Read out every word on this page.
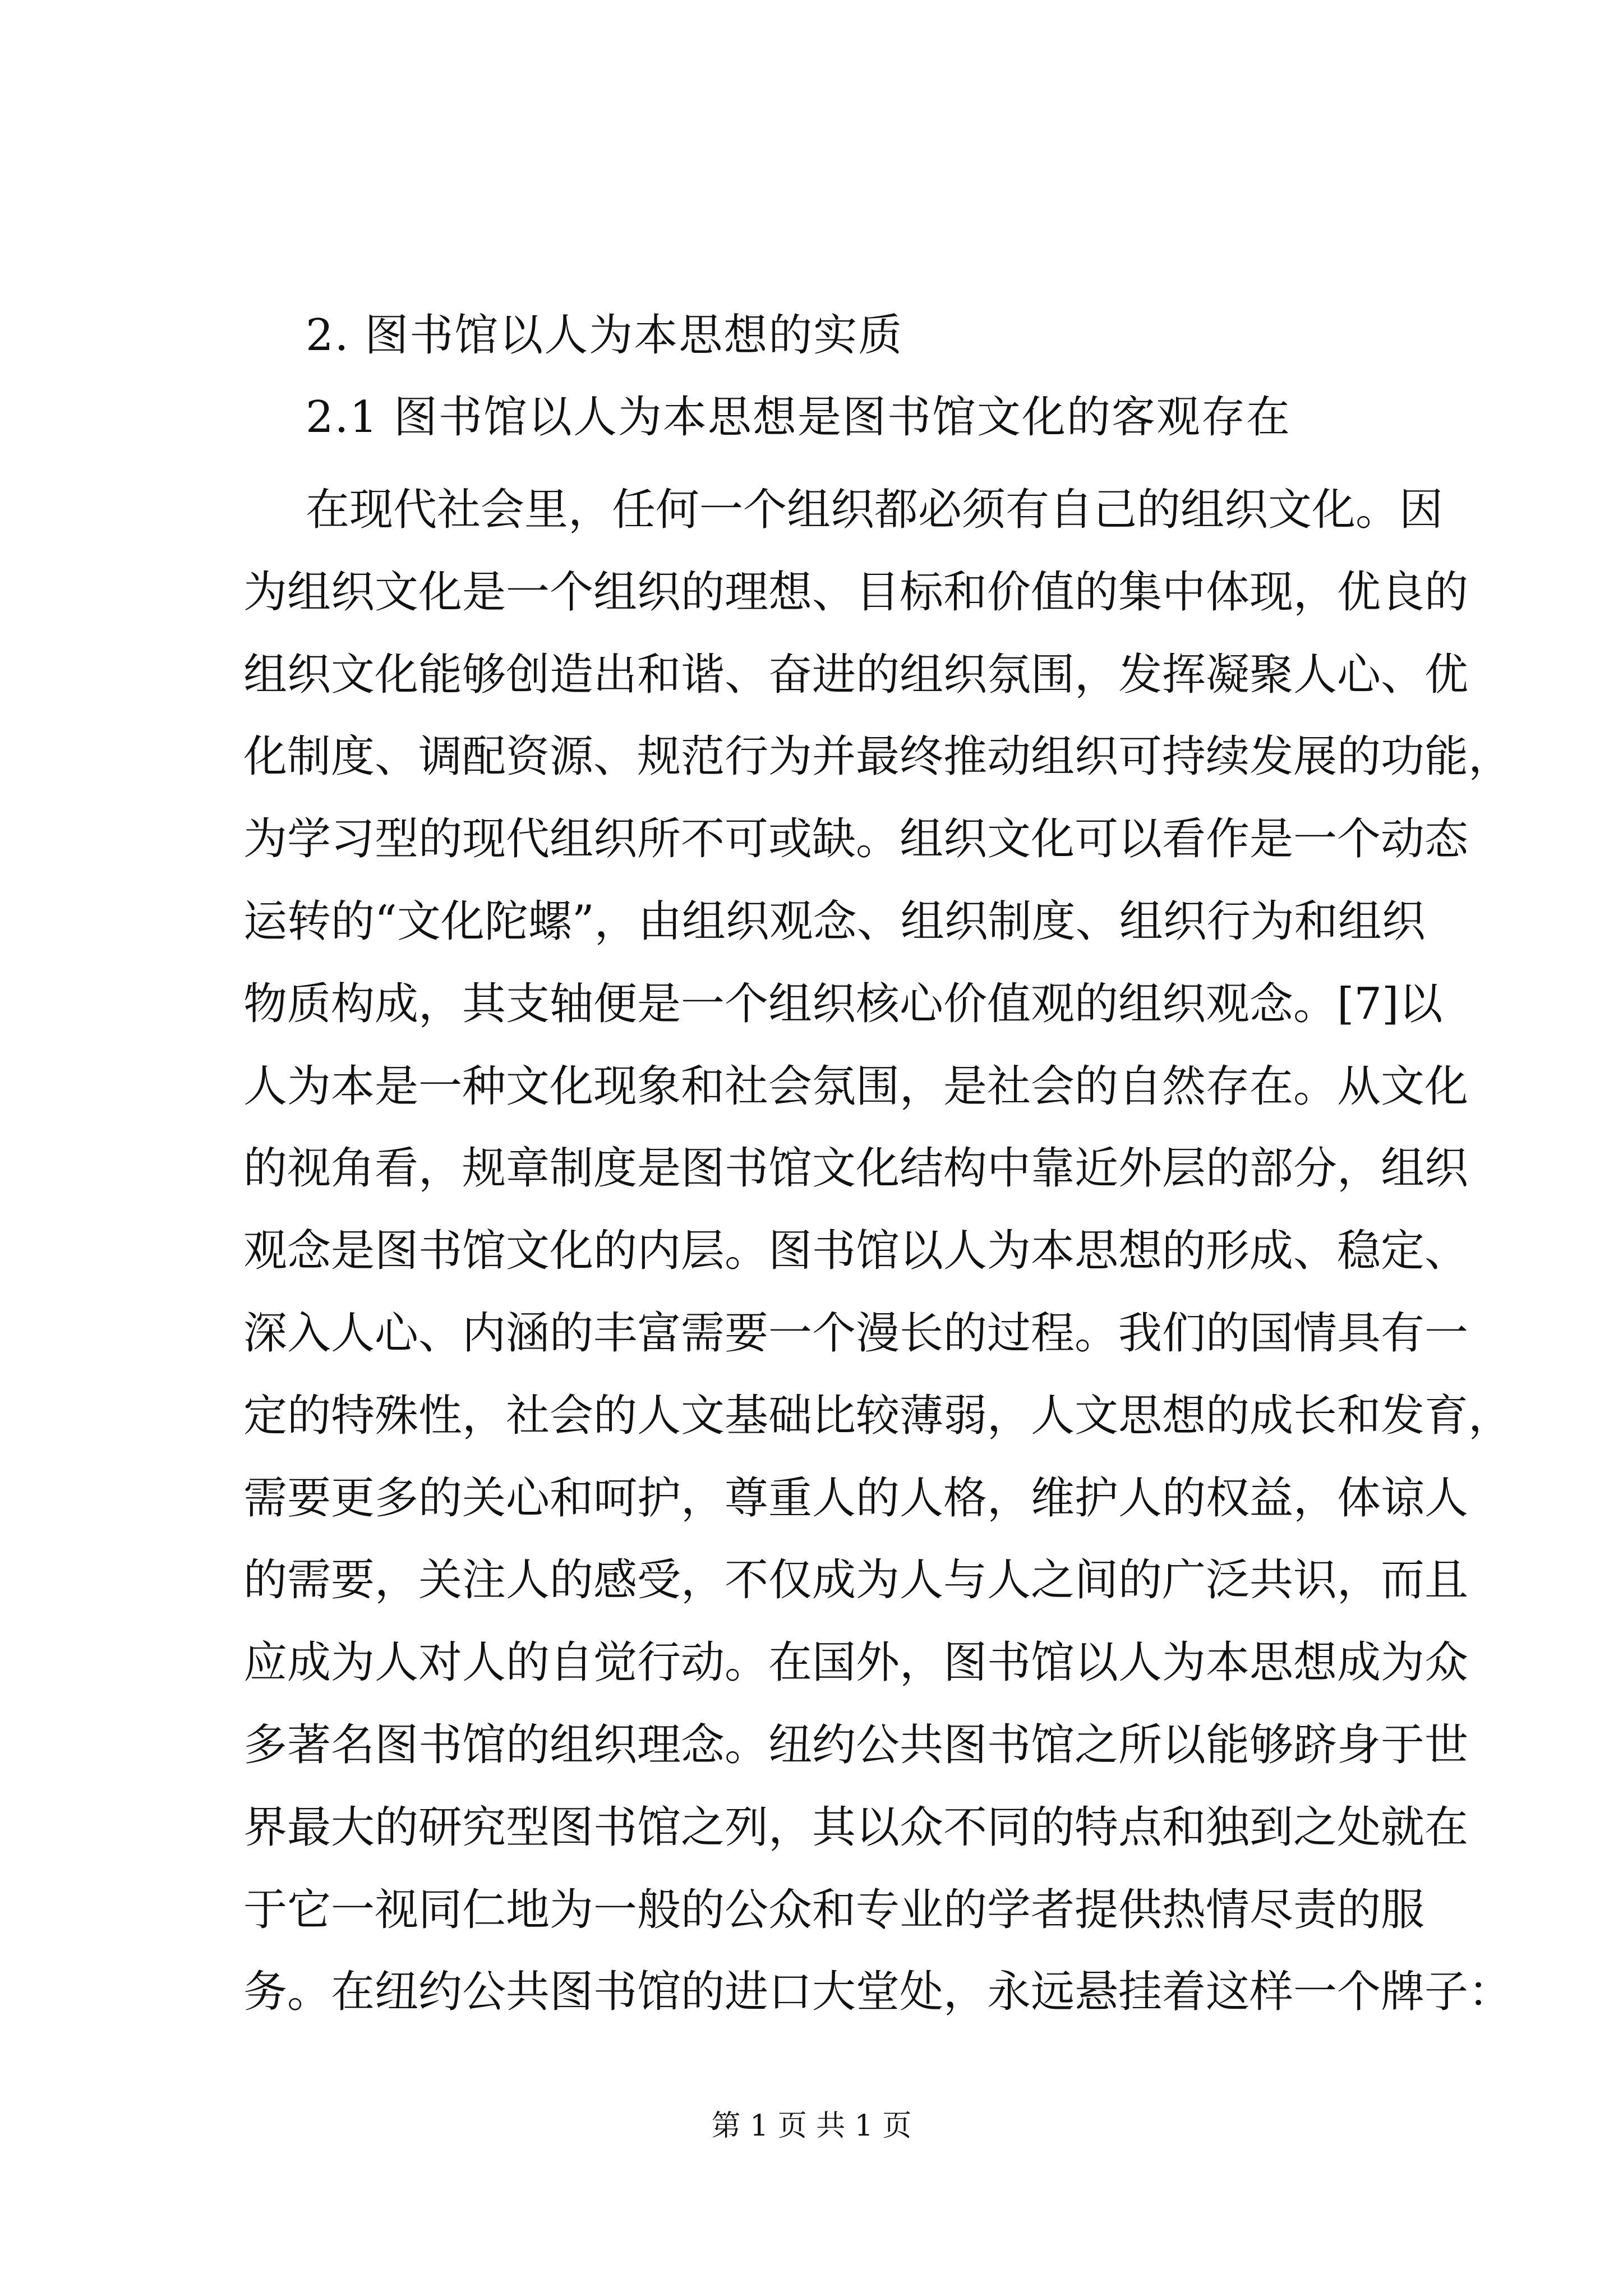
2. 图书馆以人为本思想的实质
2.1 图书馆以人为本思想是图书馆文化的客观存在
在现代社会里，任何一个组织都必须有自己的组织文化。因
为组织文化是一个组织的理想、目标和价值的集中体现，优良的
组织文化能够创造出和谐、奋进的组织氛围，发挥凝聚人心、优
化制度、调配资源、规范行为并最终推动组织可持续发展的功能，
为学习型的现代组织所不可或缺。组织文化可以看作是一个动态
运转的“文化陀螺”，由组织观念、组织制度、组织行为和组织
物质构成，其支轴便是一个组织核心价值观的组织观念。[7]以
人为本是一种文化现象和社会氛围，是社会的自然存在。从文化
的视角看，规章制度是图书馆文化结构中靠近外层的部分，组织
观念是图书馆文化的内层。图书馆以人为本思想的形成、稳定、
深入人心、内涵的丰富需要一个漫长的过程。我们的国情具有一
定的特殊性，社会的人文基础比较薄弱，人文思想的成长和发育，
需要更多的关心和呵护，尊重人的人格，维护人的权益，体谅人
的需要，关注人的感受，不仅成为人与人之间的广泛共识，而且
应成为人对人的自觉行动。在国外，图书馆以人为本思想成为众
多著名图书馆的组织理念。纽约公共图书馆之所以能够跻身于世
界最大的研究型图书馆之列，其以众不同的特点和独到之处就在
于它一视同仁地为一般的公众和专业的学者提供热情尽责的服
务。在纽约公共图书馆的进口大堂处，永远悬挂着这样一个牌子：
第 1 页 共 1 页
